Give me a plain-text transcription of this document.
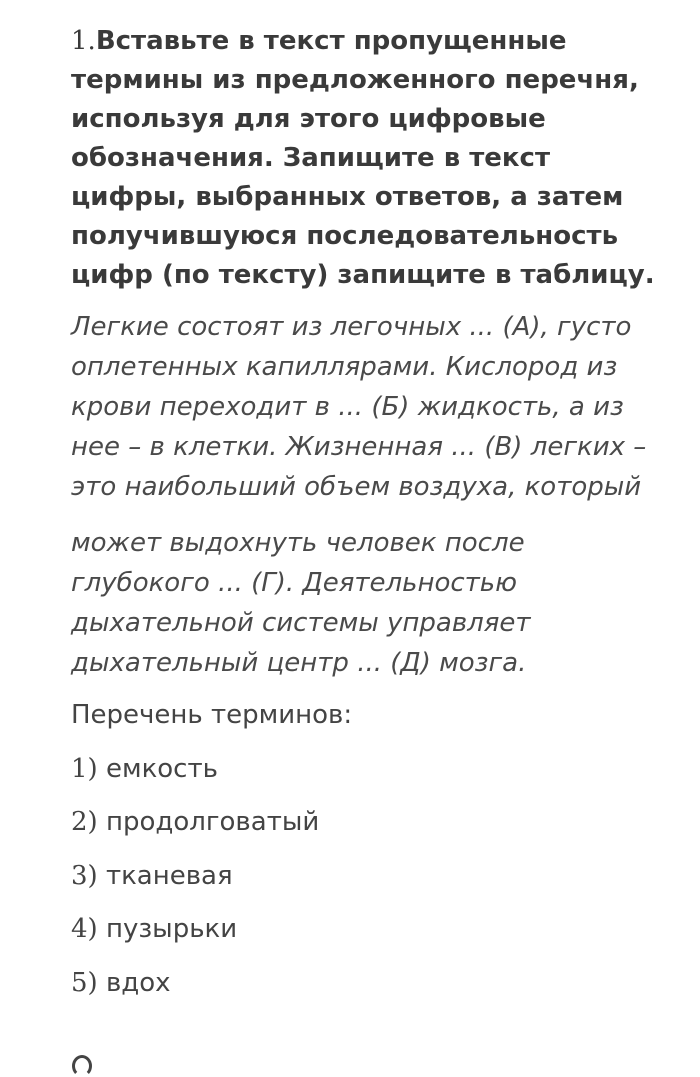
1.Вставьте в текст пропущенные термины из предложенного перечня, используя для этого цифровые обозначения. Запищите в текст цифры, выбранных ответов, а затем получившуюся последовательность цифр (по тексту) запищите в таблицу.

Легкие состоят из легочных ... (А), густо оплетенных капиллярами. Кислород из крови переходит в ... (Б) жидкость, а из нее – в клетки. Жизненная ... (В) легких – это наибольший объем воздуха, который

может выдохнуть человек после глубокого ... (Г). Деятельностью дыхательной системы управляет дыхательный центр ... (Д) мозга.

Перечень терминов:
1) емкость
2) продолговатый
3) тканевая
4) пузырьки
5) вдох
